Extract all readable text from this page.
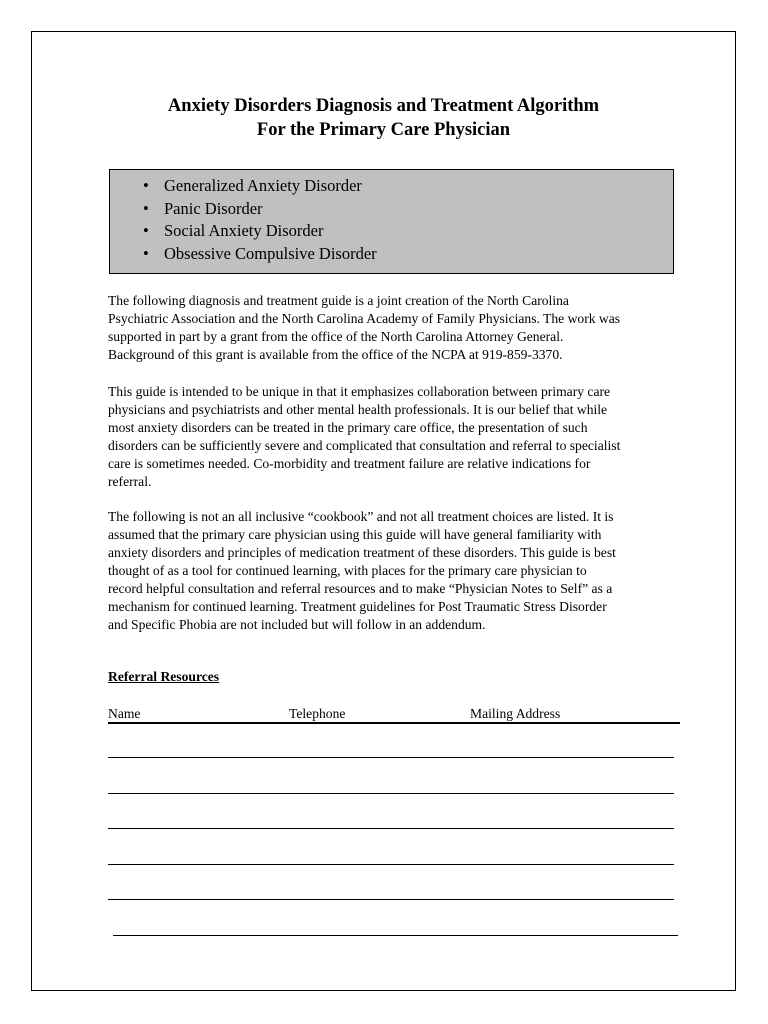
Anxiety Disorders Diagnosis and Treatment Algorithm
For the Primary Care Physician
• Generalized Anxiety Disorder
• Panic Disorder
• Social Anxiety Disorder
• Obsessive Compulsive Disorder

The following diagnosis and treatment guide is a joint creation of the North Carolina
Psychiatric Association and the North Carolina Academy of Family Physicians. The work was
supported in part by a grant from the office of the North Carolina Attorney General.
Background of this grant is available from the office of the NCPA at 919-859-3370.

This guide is intended to be unique in that it emphasizes collaboration between primary care
physicians and psychiatrists and other mental health professionals. It is our belief that while
most anxiety disorders can be treated in the primary care office, the presentation of such
disorders can be sufficiently severe and complicated that consultation and referral to specialist
care is sometimes needed. Co-morbidity and treatment failure are relative indications for
referral.

The following is not an all inclusive “cookbook” and not all treatment choices are listed. It is
assumed that the primary care physician using this guide will have general familiarity with
anxiety disorders and principles of medication treatment of these disorders. This guide is best
thought of as a tool for continued learning, with places for the primary care physician to
record helpful consultation and referral resources and to make “Physician Notes to Self” as a
mechanism for continued learning. Treatment guidelines for Post Traumatic Stress Disorder
and Specific Phobia are not included but will follow in an addendum.

Referral Resources
Name	Telephone	Mailing Address
